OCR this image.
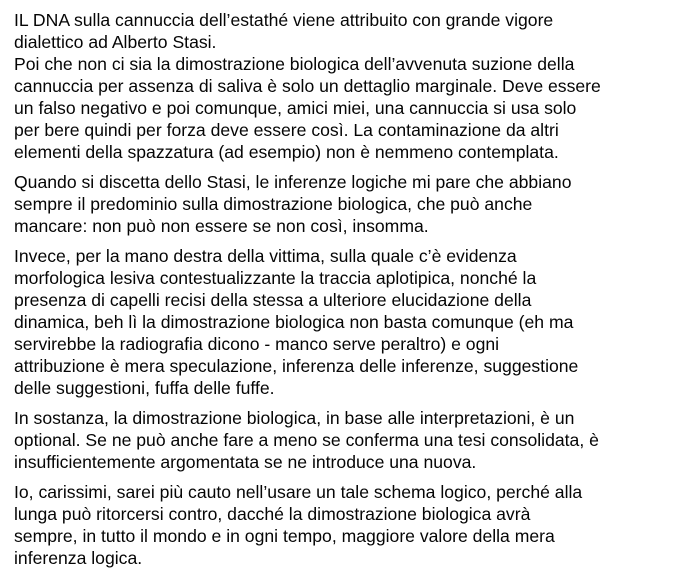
IL DNA sulla cannuccia dell’estathé viene attribuito con grande vigore
dialettico ad Alberto Stasi.
Poi che non ci sia la dimostrazione biologica dell’avvenuta suzione della
cannuccia per assenza di saliva è solo un dettaglio marginale. Deve essere
un falso negativo e poi comunque, amici miei, una cannuccia si usa solo
per bere quindi per forza deve essere così. La contaminazione da altri
elementi della spazzatura (ad esempio) non è nemmeno contemplata.

Quando si discetta dello Stasi, le inferenze logiche mi pare che abbiano
sempre il predominio sulla dimostrazione biologica, che può anche
mancare: non può non essere se non così, insomma.

Invece, per la mano destra della vittima, sulla quale c’è evidenza
morfologica lesiva contestualizzante la traccia aplotipica, nonché la
presenza di capelli recisi della stessa a ulteriore elucidazione della
dinamica, beh lì la dimostrazione biologica non basta comunque (eh ma
servirebbe la radiografia dicono - manco serve peraltro) e ogni
attribuzione è mera speculazione, inferenza delle inferenze, suggestione
delle suggestioni, fuffa delle fuffe.

In sostanza, la dimostrazione biologica, in base alle interpretazioni, è un
optional. Se ne può anche fare a meno se conferma una tesi consolidata, è
insufficientemente argomentata se ne introduce una nuova.

Io, carissimi, sarei più cauto nell’usare un tale schema logico, perché alla
lunga può ritorcersi contro, dacché la dimostrazione biologica avrà
sempre, in tutto il mondo e in ogni tempo, maggiore valore della mera
inferenza logica.
